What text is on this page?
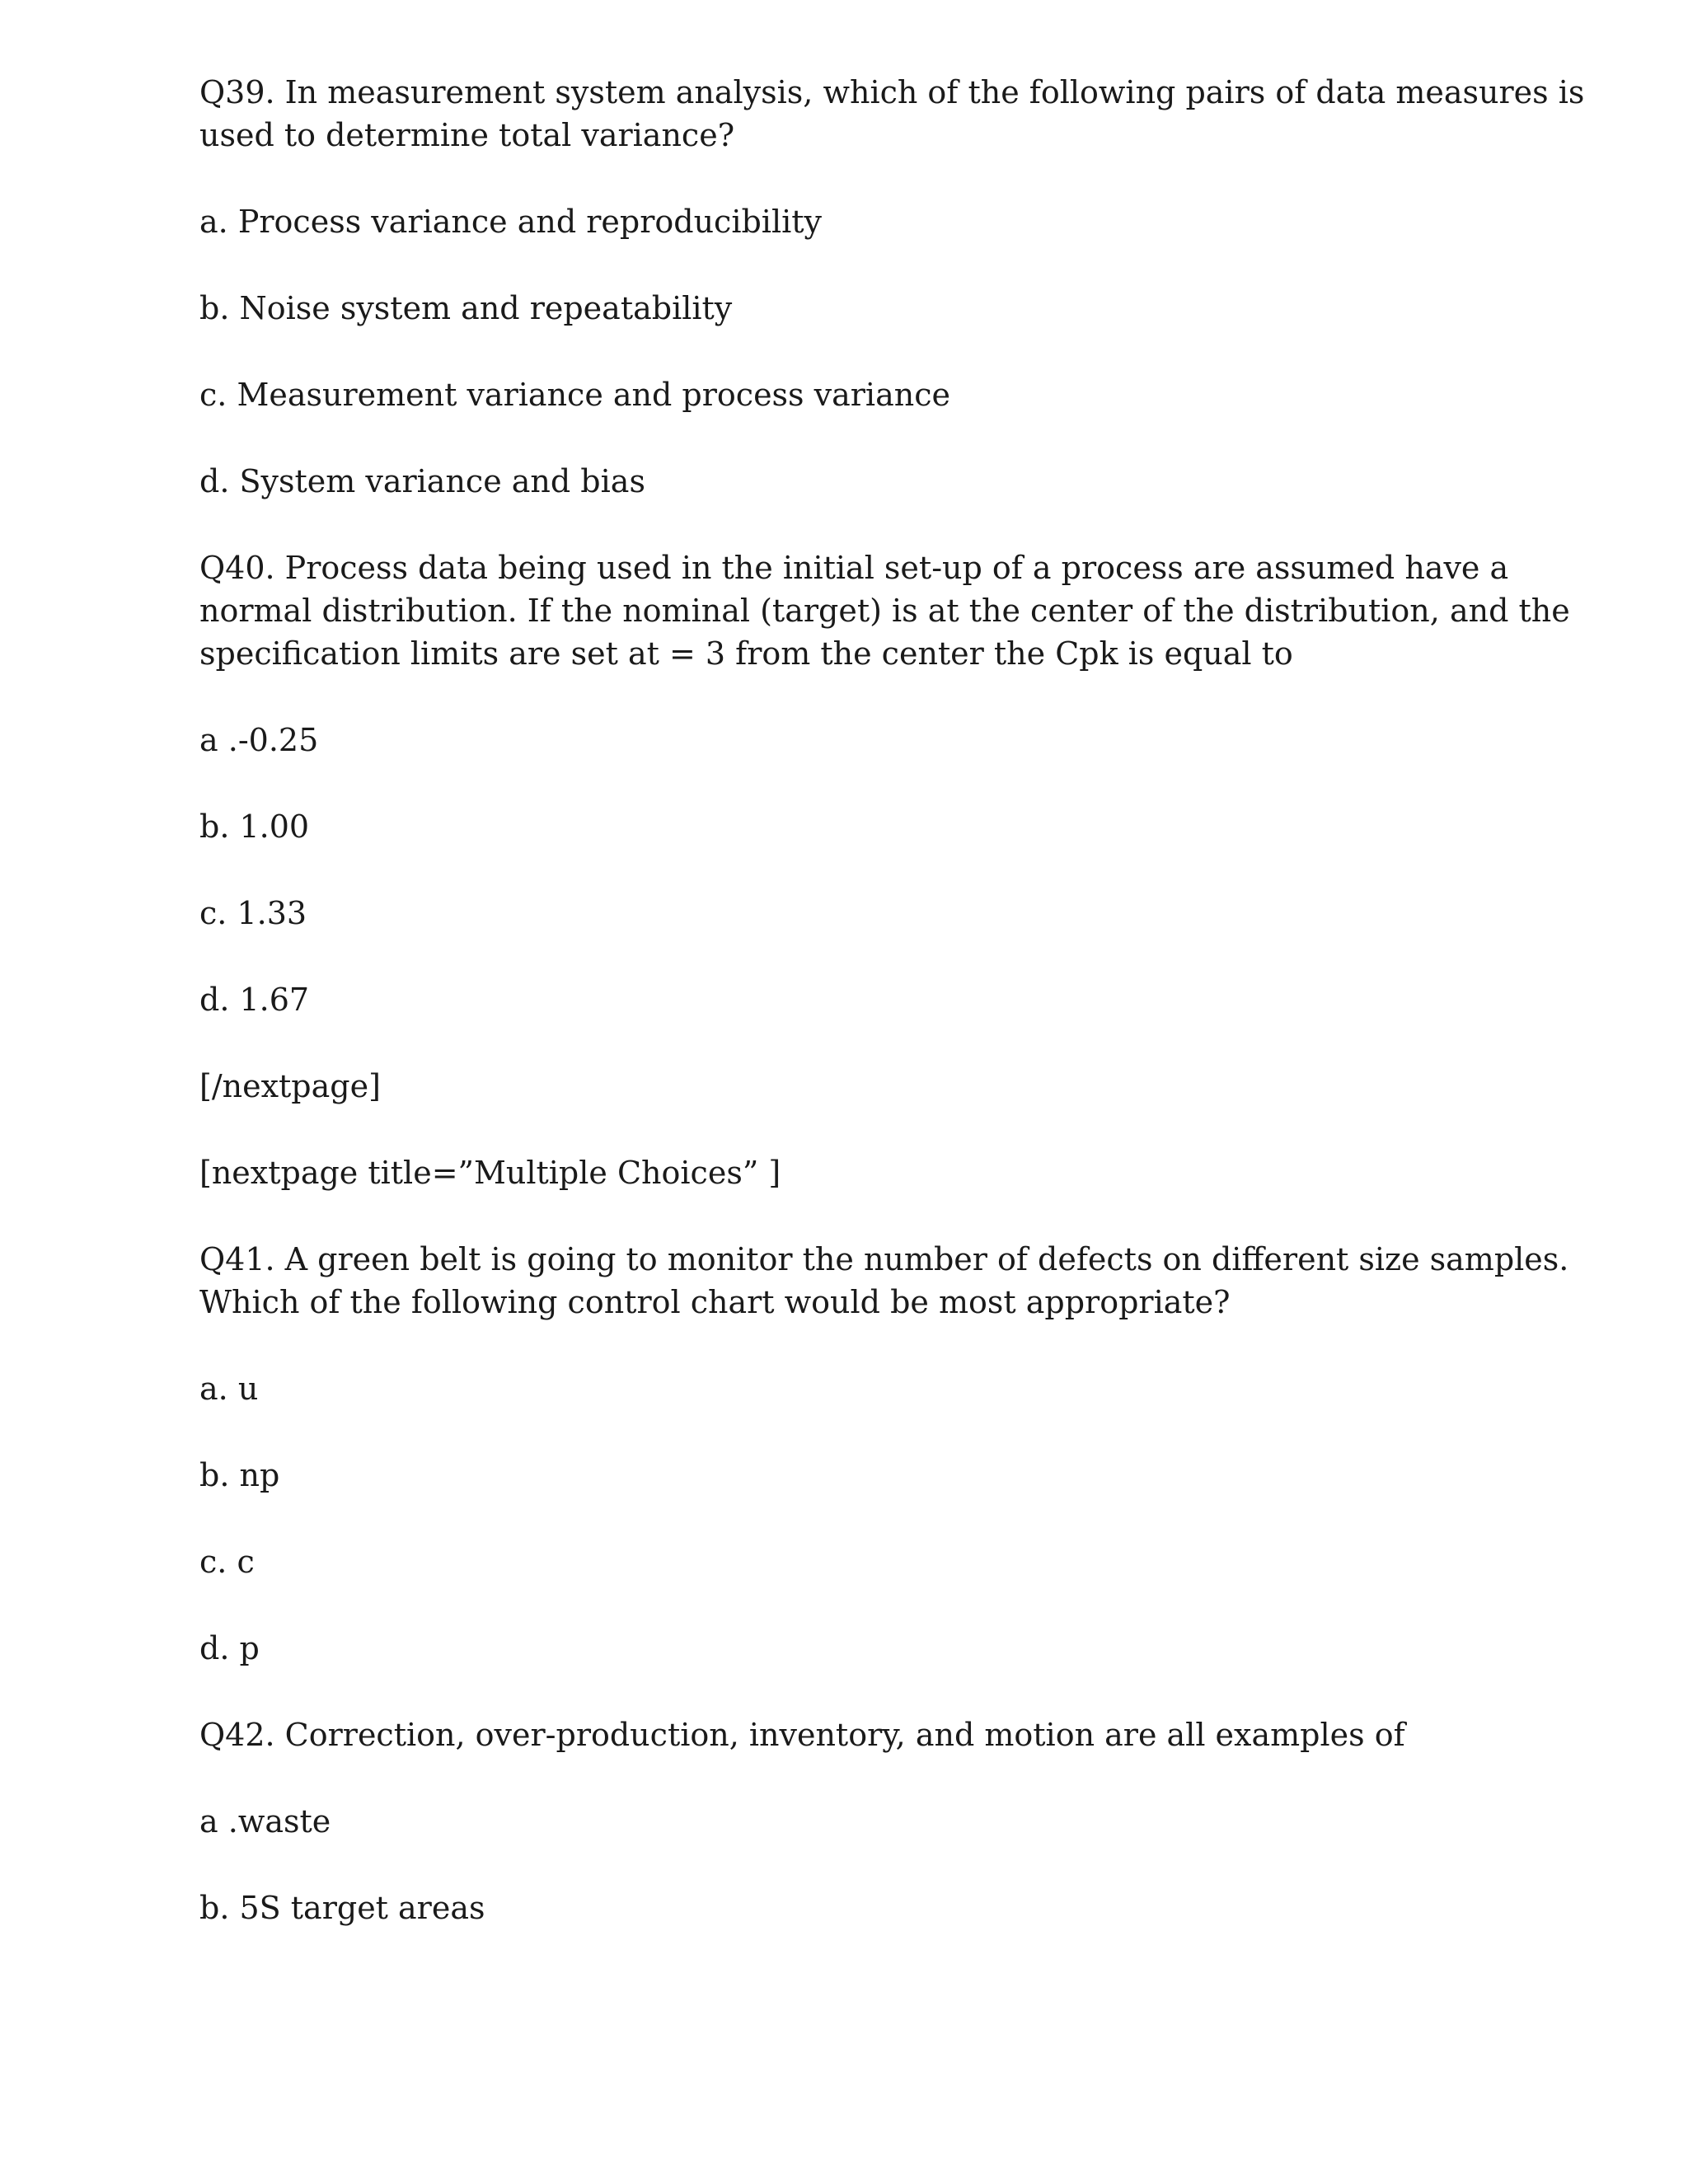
Q39. In measurement system analysis, which of the following pairs of data measures is

used to determine total variance?

a. Process variance and reproducibility

b. Noise system and repeatability

c. Measurement variance and process variance

d. System variance and bias

Q40. Process data being used in the initial set-up of a process are assumed have a

normal distribution. If the nominal (target) is at the center of the distribution, and the

specification limits are set at = 3 from the center the Cpk is equal to

a .-0.25

b. 1.00

c. 1.33

d. 1.67

[/nextpage]

[nextpage title=”Multiple Choices” ]

Q41. A green belt is going to monitor the number of defects on different size samples.

Which of the following control chart would be most appropriate?

a. u

b. np

c. c

d. p

Q42. Correction, over-production, inventory, and motion are all examples of

a .waste

b. 5S target areas
